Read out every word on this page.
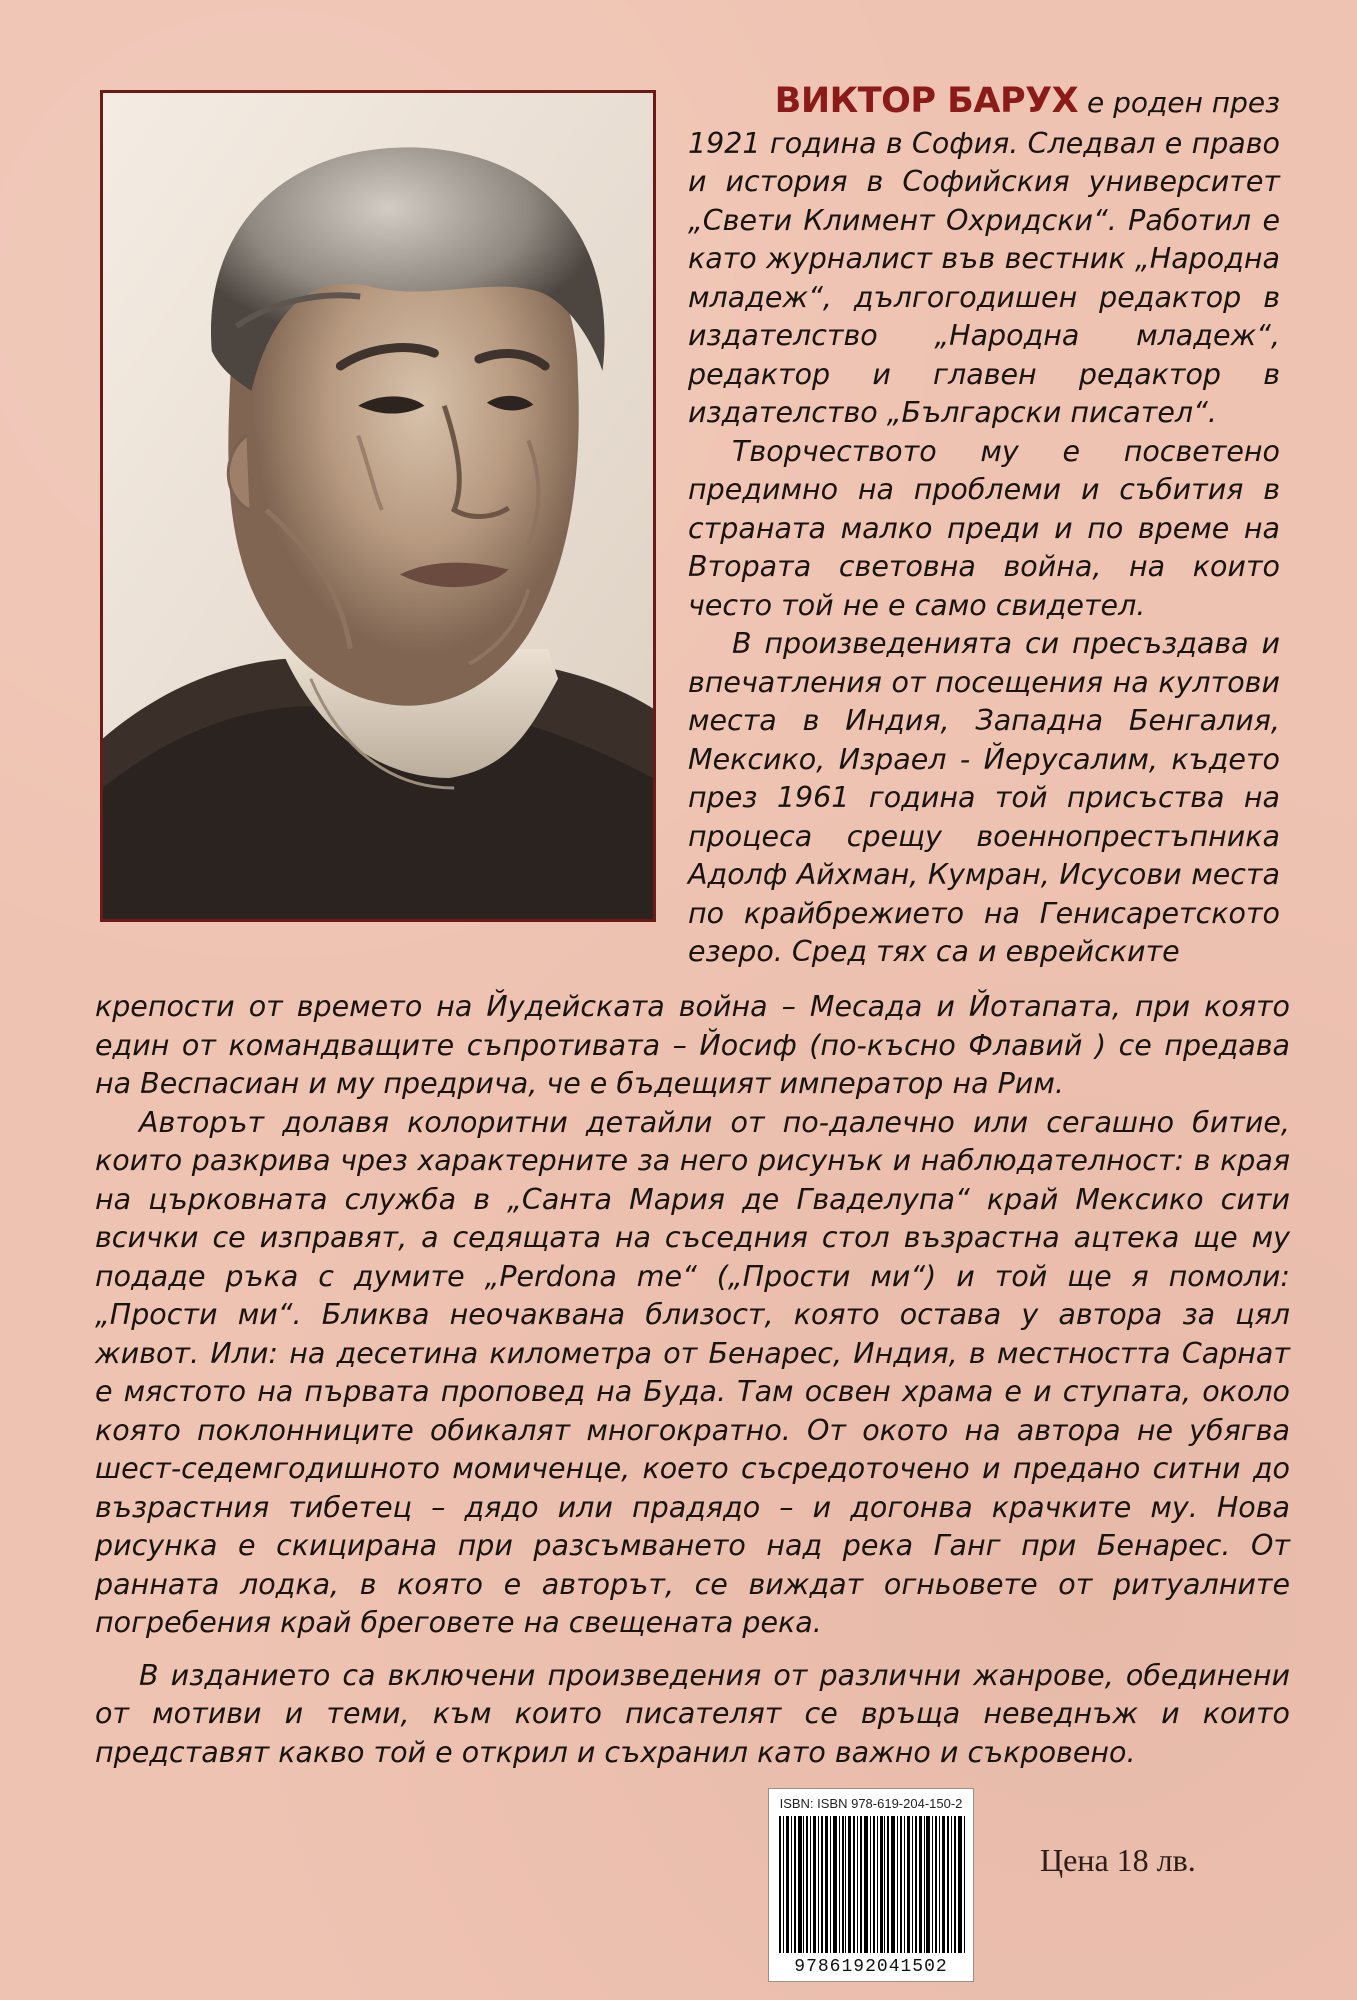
ВИКТОР БАРУХ е роден през

1921 година в София. Следвал е право и история в Софийския университет „Свети Климент Охридски“. Работил е като журналист във вестник „Народна младеж“, дългогодишен редактор в издателство „Народна младеж“, редактор и главен редактор в издателство „Български писател“.

Творчеството му е посветено предимно на проблеми и събития в страната малко преди и по време на Втората световна война, на които често той не е само свидетел.

В произведенията си пресъздава и впечатления от посещения на култови места в Индия, Западна Бенгалия, Мексико, Израел - Йерусалим, където през 1961 година той присъства на процеса срещу военнопрестъпника Адолф Айхман, Кумран, Исусови места по крайбрежието на Генисаретското езеро. Сред тях са и еврейските

крепости от времето на Йудейската война – Месада и Йотапата, при която един от командващите съпротивата – Йосиф (по-късно Флавий ) се предава на Веспасиан и му предрича, че е бъдещият император на Рим.

Авторът долавя колоритни детайли от по-далечно или сегашно битие, които разкрива чрез характерните за него рисунък и наблюдателност: в края на църковната служба в „Санта Мария де Гваделупа“ край Мексико сити всички се изправят, а седящата на съседния стол възрастна ацтека ще му подаде ръка с думите „Perdona me“ („Прости ми“) и той ще я помоли: „Прости ми“. Бликва неочаквана близост, която остава у автора за цял живот. Или: на десетина километра от Бенарес, Индия, в местността Сарнат е мястото на първата проповед на Буда. Там освен храма е и ступата, около която поклонниците обикалят многократно. От окото на автора не убягва шест-седемгодишното момиченце, което съсредоточено и предано ситни до възрастния тибетец – дядо или прадядо – и догонва крачките му. Нова рисунка е скицирана при разсъмването над река Ганг при Бенарес. От ранната лодка, в която е авторът, се виждат огньовете от ритуалните погребения край бреговете на свещената река.

В изданието са включени произведения от различни жанрове, обединени от мотиви и теми, към които писателят се връща неведнъж и които представят какво той е открил и съхранил като важно и съкровено.

ISBN: ISBN 978-619-204-150-2
9786192041502
Цена 18 лв.
